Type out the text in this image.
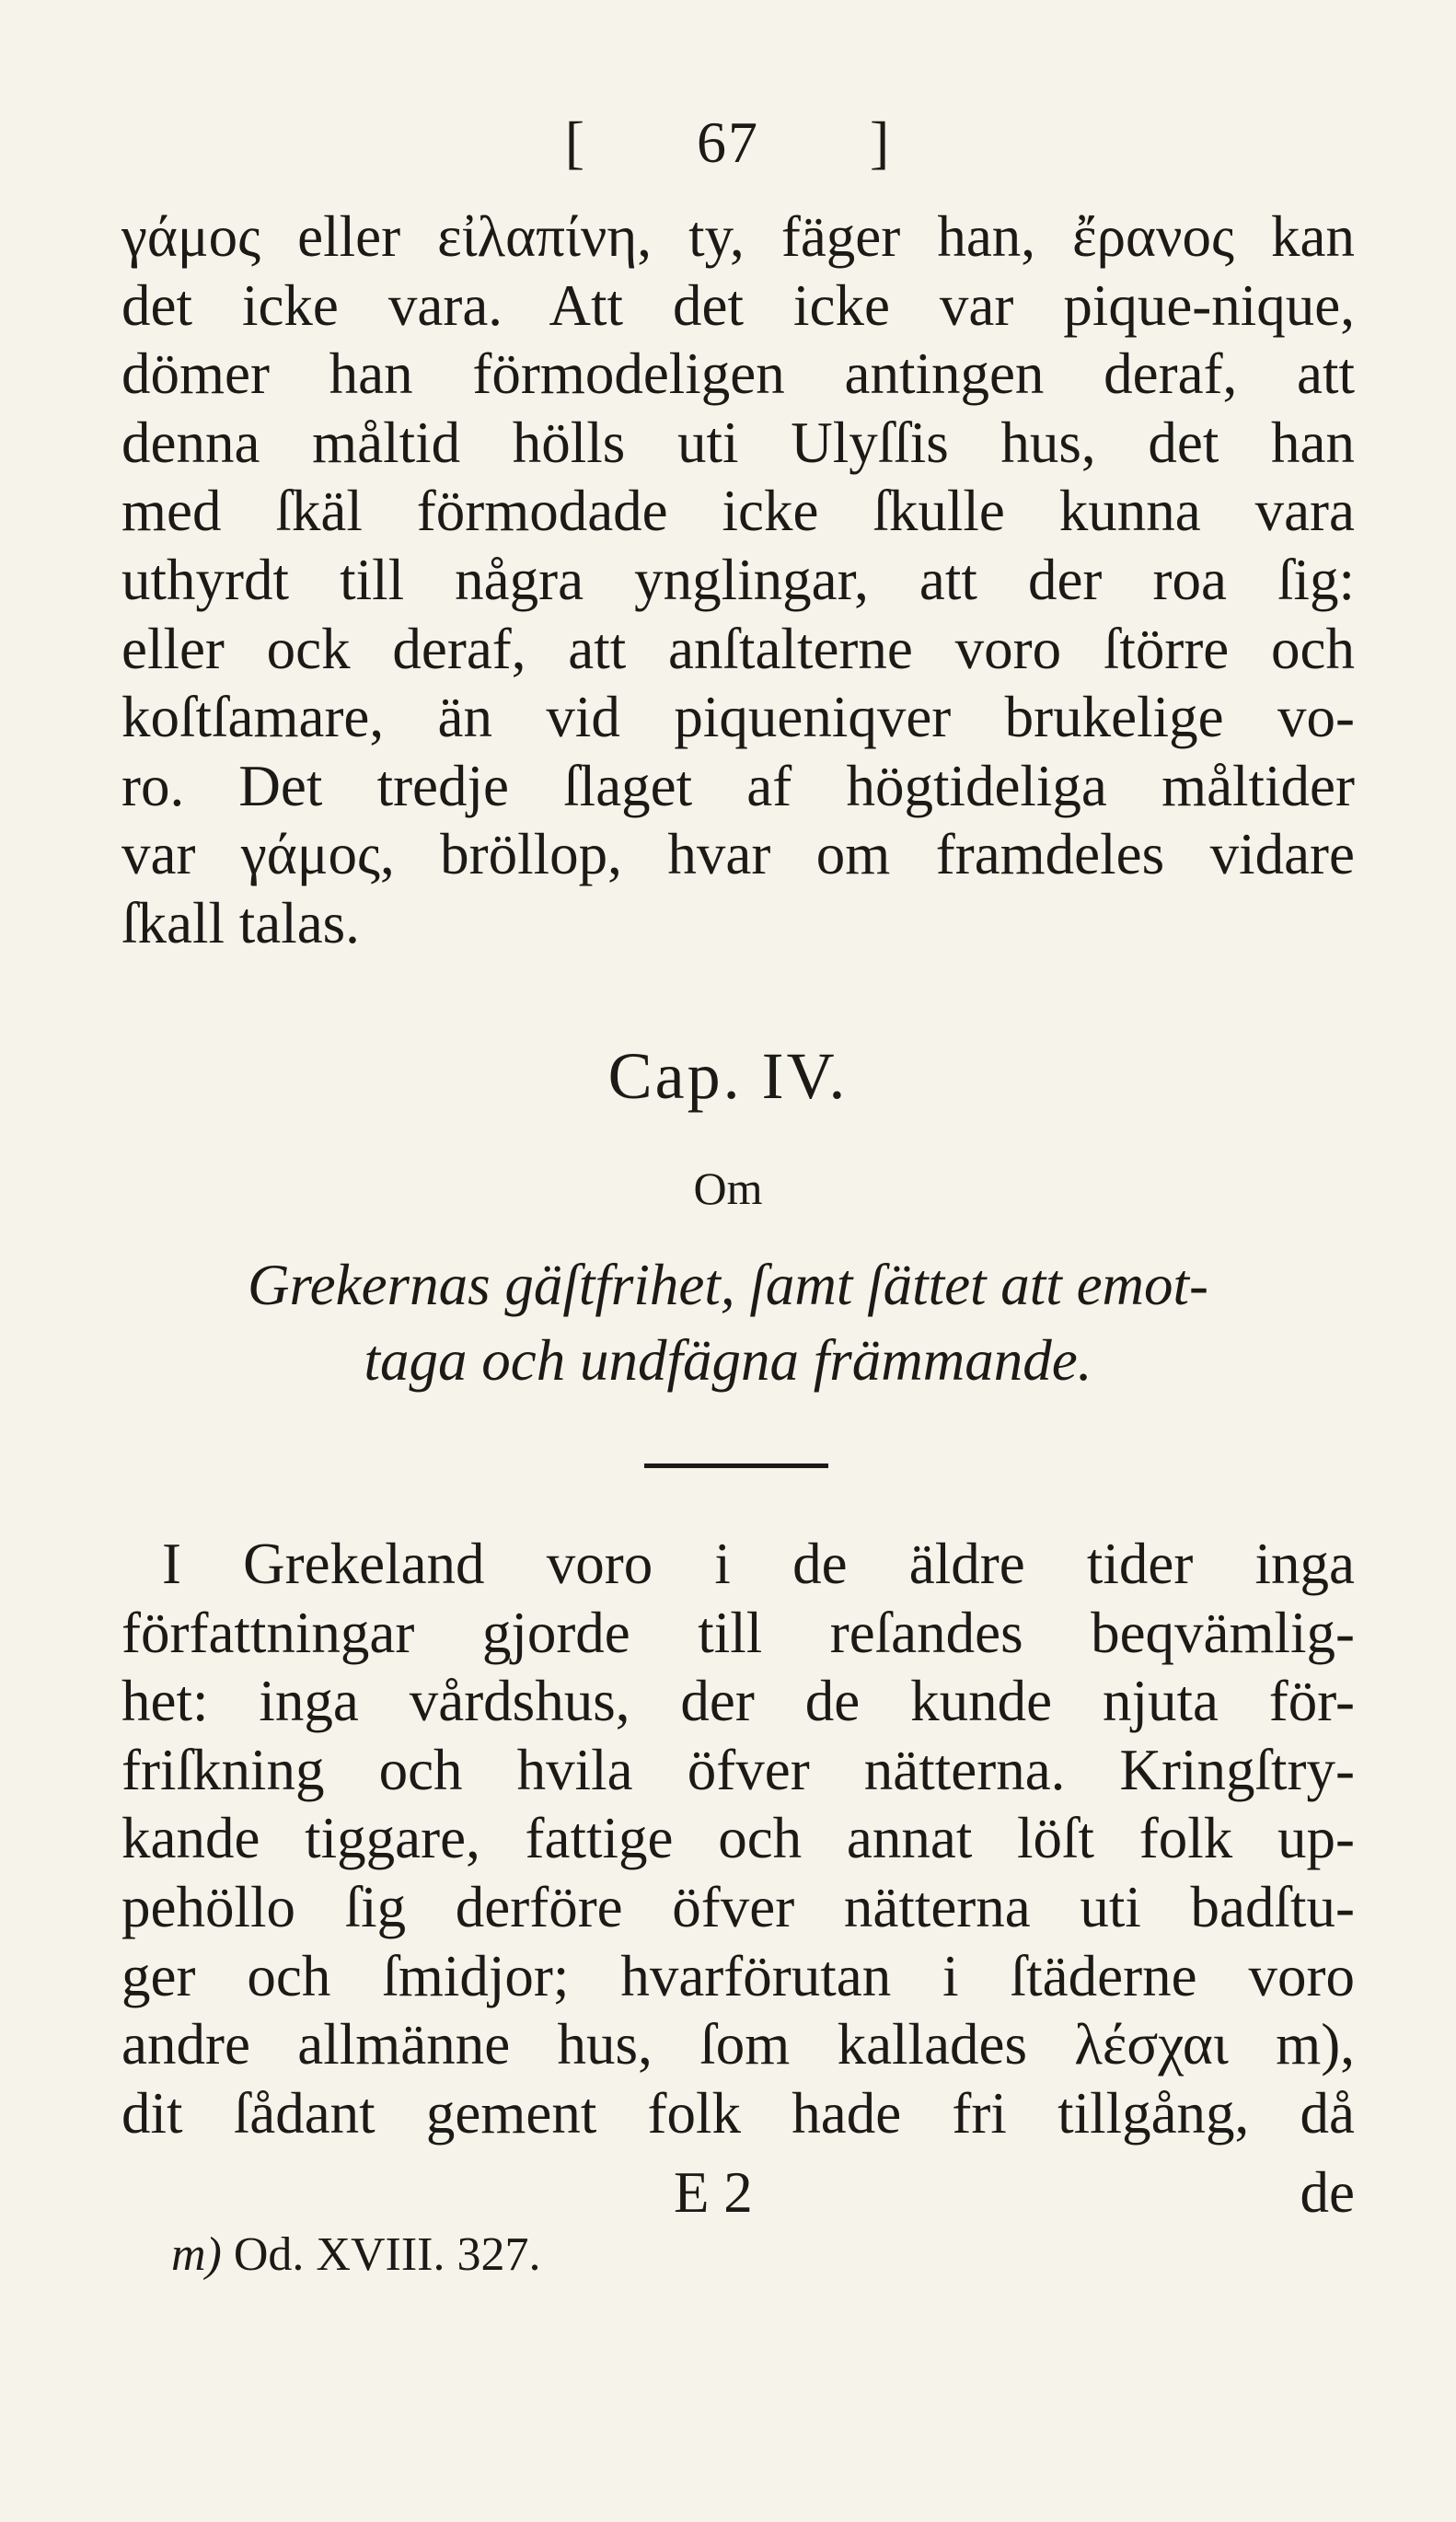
[ 67 ]
γάμος eller εἰλαπίνη, ty, fäger han, ἔρανος kan
det icke vara. Att det icke var pique-nique,
dömer han förmodeligen antingen deraf, att
denna måltid hölls uti Ulyſſis hus, det han
med ſkäl förmodade icke ſkulle kunna vara
uthyrdt till några ynglingar, att der roa ſig:
eller ock deraf, att anſtalterne voro ſtörre och
koſtſamare, än vid piqueniqver brukelige vo-
ro. Det tredje ſlaget af högtideliga måltider
var γάμος, bröllop, hvar om framdeles vidare
ſkall talas.
Cap. IV.
Om
Grekernas gäſtfrihet, ſamt ſättet att emot-
taga och undfägna främmande.
I Grekeland voro i de äldre tider inga
författningar gjorde till reſandes beqvämlig-
het: inga vårdshus, der de kunde njuta för-
friſkning och hvila öfver nätterna. Kringſtry-
kande tiggare, fattige och annat löſt folk up-
pehöllo ſig derföre öfver nätterna uti badſtu-
ger och ſmidjor; hvarförutan i ſtäderne voro
andre allmänne hus, ſom kallades λέσχαι m),
dit ſådant gement folk hade fri tillgång, då
E 2	de
m) Od. XVIII. 327.
